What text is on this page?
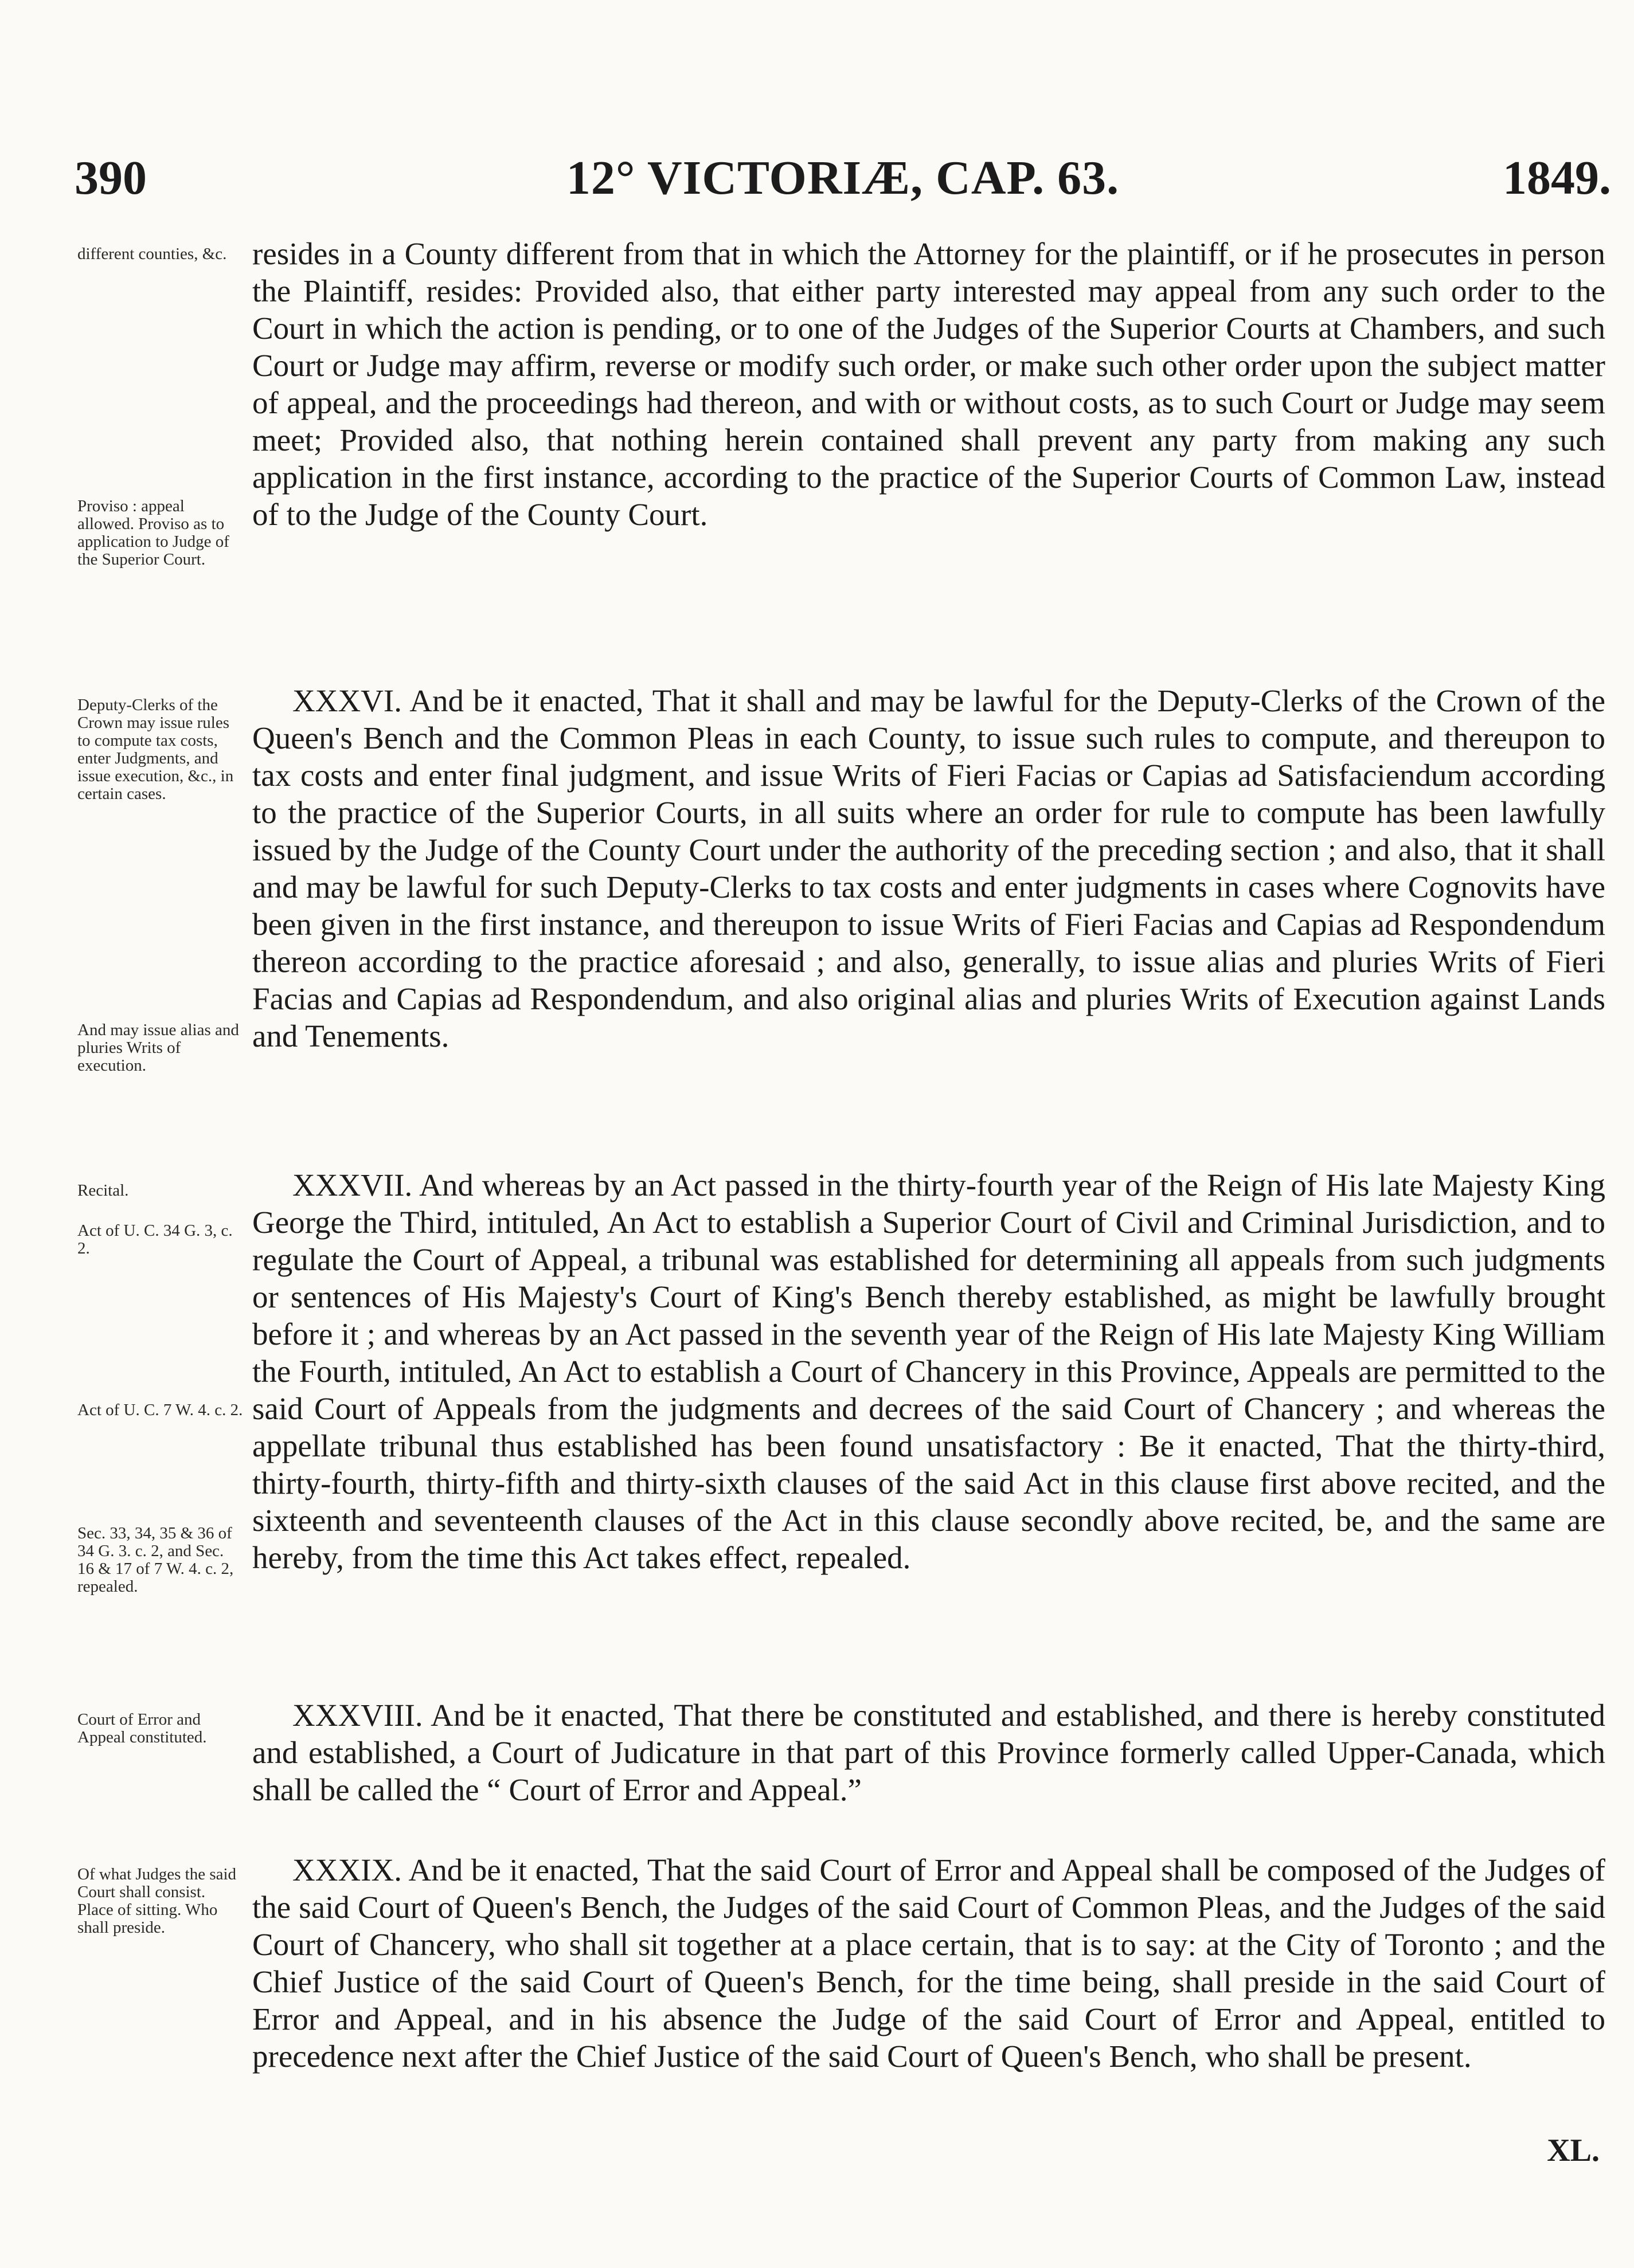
390	12° VICTORIÆ, CAP. 63.	1849.
different counties, &c.
Proviso : appeal allowed. Proviso as to application to Judge of the Superior Court.
Deputy-Clerks of the Crown may issue rules to compute tax costs, enter Judgments, and issue execution, &c., in certain cases.
And may issue alias and pluries Writs of execution.
Recital.
Act of U. C. 34 G. 3, c. 2.
Act of U. C. 7 W. 4. c. 2.
Sec. 33, 34, 35 & 36 of 34 G. 3. c. 2, and Sec. 16 & 17 of 7 W. 4. c. 2, repealed.
Court of Error and Appeal constituted.
Of what Judges the said Court shall consist. Place of sitting. Who shall preside.
resides in a County different from that in which the Attorney for the plaintiff, or if he prosecutes in person the Plaintiff, resides: Provided also, that either party interested may appeal from any such order to the Court in which the action is pending, or to one of the Judges of the Superior Courts at Chambers, and such Court or Judge may affirm, reverse or modify such order, or make such other order upon the subject matter of appeal, and the proceedings had thereon, and with or without costs, as to such Court or Judge may seem meet; Provided also, that nothing herein contained shall prevent any party from making any such application in the first instance, according to the practice of the Superior Courts of Common Law, instead of to the Judge of the County Court.
XXXVI. And be it enacted, That it shall and may be lawful for the Deputy-Clerks of the Crown of the Queen's Bench and the Common Pleas in each County, to issue such rules to compute, and thereupon to tax costs and enter final judgment, and issue Writs of Fieri Facias or Capias ad Satisfaciendum according to the practice of the Superior Courts, in all suits where an order for rule to compute has been lawfully issued by the Judge of the County Court under the authority of the preceding section ; and also, that it shall and may be lawful for such Deputy-Clerks to tax costs and enter judgments in cases where Cognovits have been given in the first instance, and thereupon to issue Writs of Fieri Facias and Capias ad Respondendum thereon according to the practice aforesaid ; and also, generally, to issue alias and pluries Writs of Fieri Facias and Capias ad Respondendum, and also original alias and pluries Writs of Execution against Lands and Tenements.
XXXVII. And whereas by an Act passed in the thirty-fourth year of the Reign of His late Majesty King George the Third, intituled, An Act to establish a Superior Court of Civil and Criminal Jurisdiction, and to regulate the Court of Appeal, a tribunal was established for determining all appeals from such judgments or sentences of His Majesty's Court of King's Bench thereby established, as might be lawfully brought before it ; and whereas by an Act passed in the seventh year of the Reign of His late Majesty King William the Fourth, intituled, An Act to establish a Court of Chancery in this Province, Appeals are permitted to the said Court of Appeals from the judgments and decrees of the said Court of Chancery ; and whereas the appellate tribunal thus established has been found unsatisfactory : Be it enacted, That the thirty-third, thirty-fourth, thirty-fifth and thirty-sixth clauses of the said Act in this clause first above recited, and the sixteenth and seventeenth clauses of the Act in this clause secondly above recited, be, and the same are hereby, from the time this Act takes effect, repealed.
XXXVIII. And be it enacted, That there be constituted and established, and there is hereby constituted and established, a Court of Judicature in that part of this Province formerly called Upper-Canada, which shall be called the “ Court of Error and Appeal.”
XXXIX. And be it enacted, That the said Court of Error and Appeal shall be composed of the Judges of the said Court of Queen's Bench, the Judges of the said Court of Common Pleas, and the Judges of the said Court of Chancery, who shall sit together at a place certain, that is to say: at the City of Toronto ; and the Chief Justice of the said Court of Queen's Bench, for the time being, shall preside in the said Court of Error and Appeal, and in his absence the Judge of the said Court of Error and Appeal, entitled to precedence next after the Chief Justice of the said Court of Queen's Bench, who shall be present.
XL.
